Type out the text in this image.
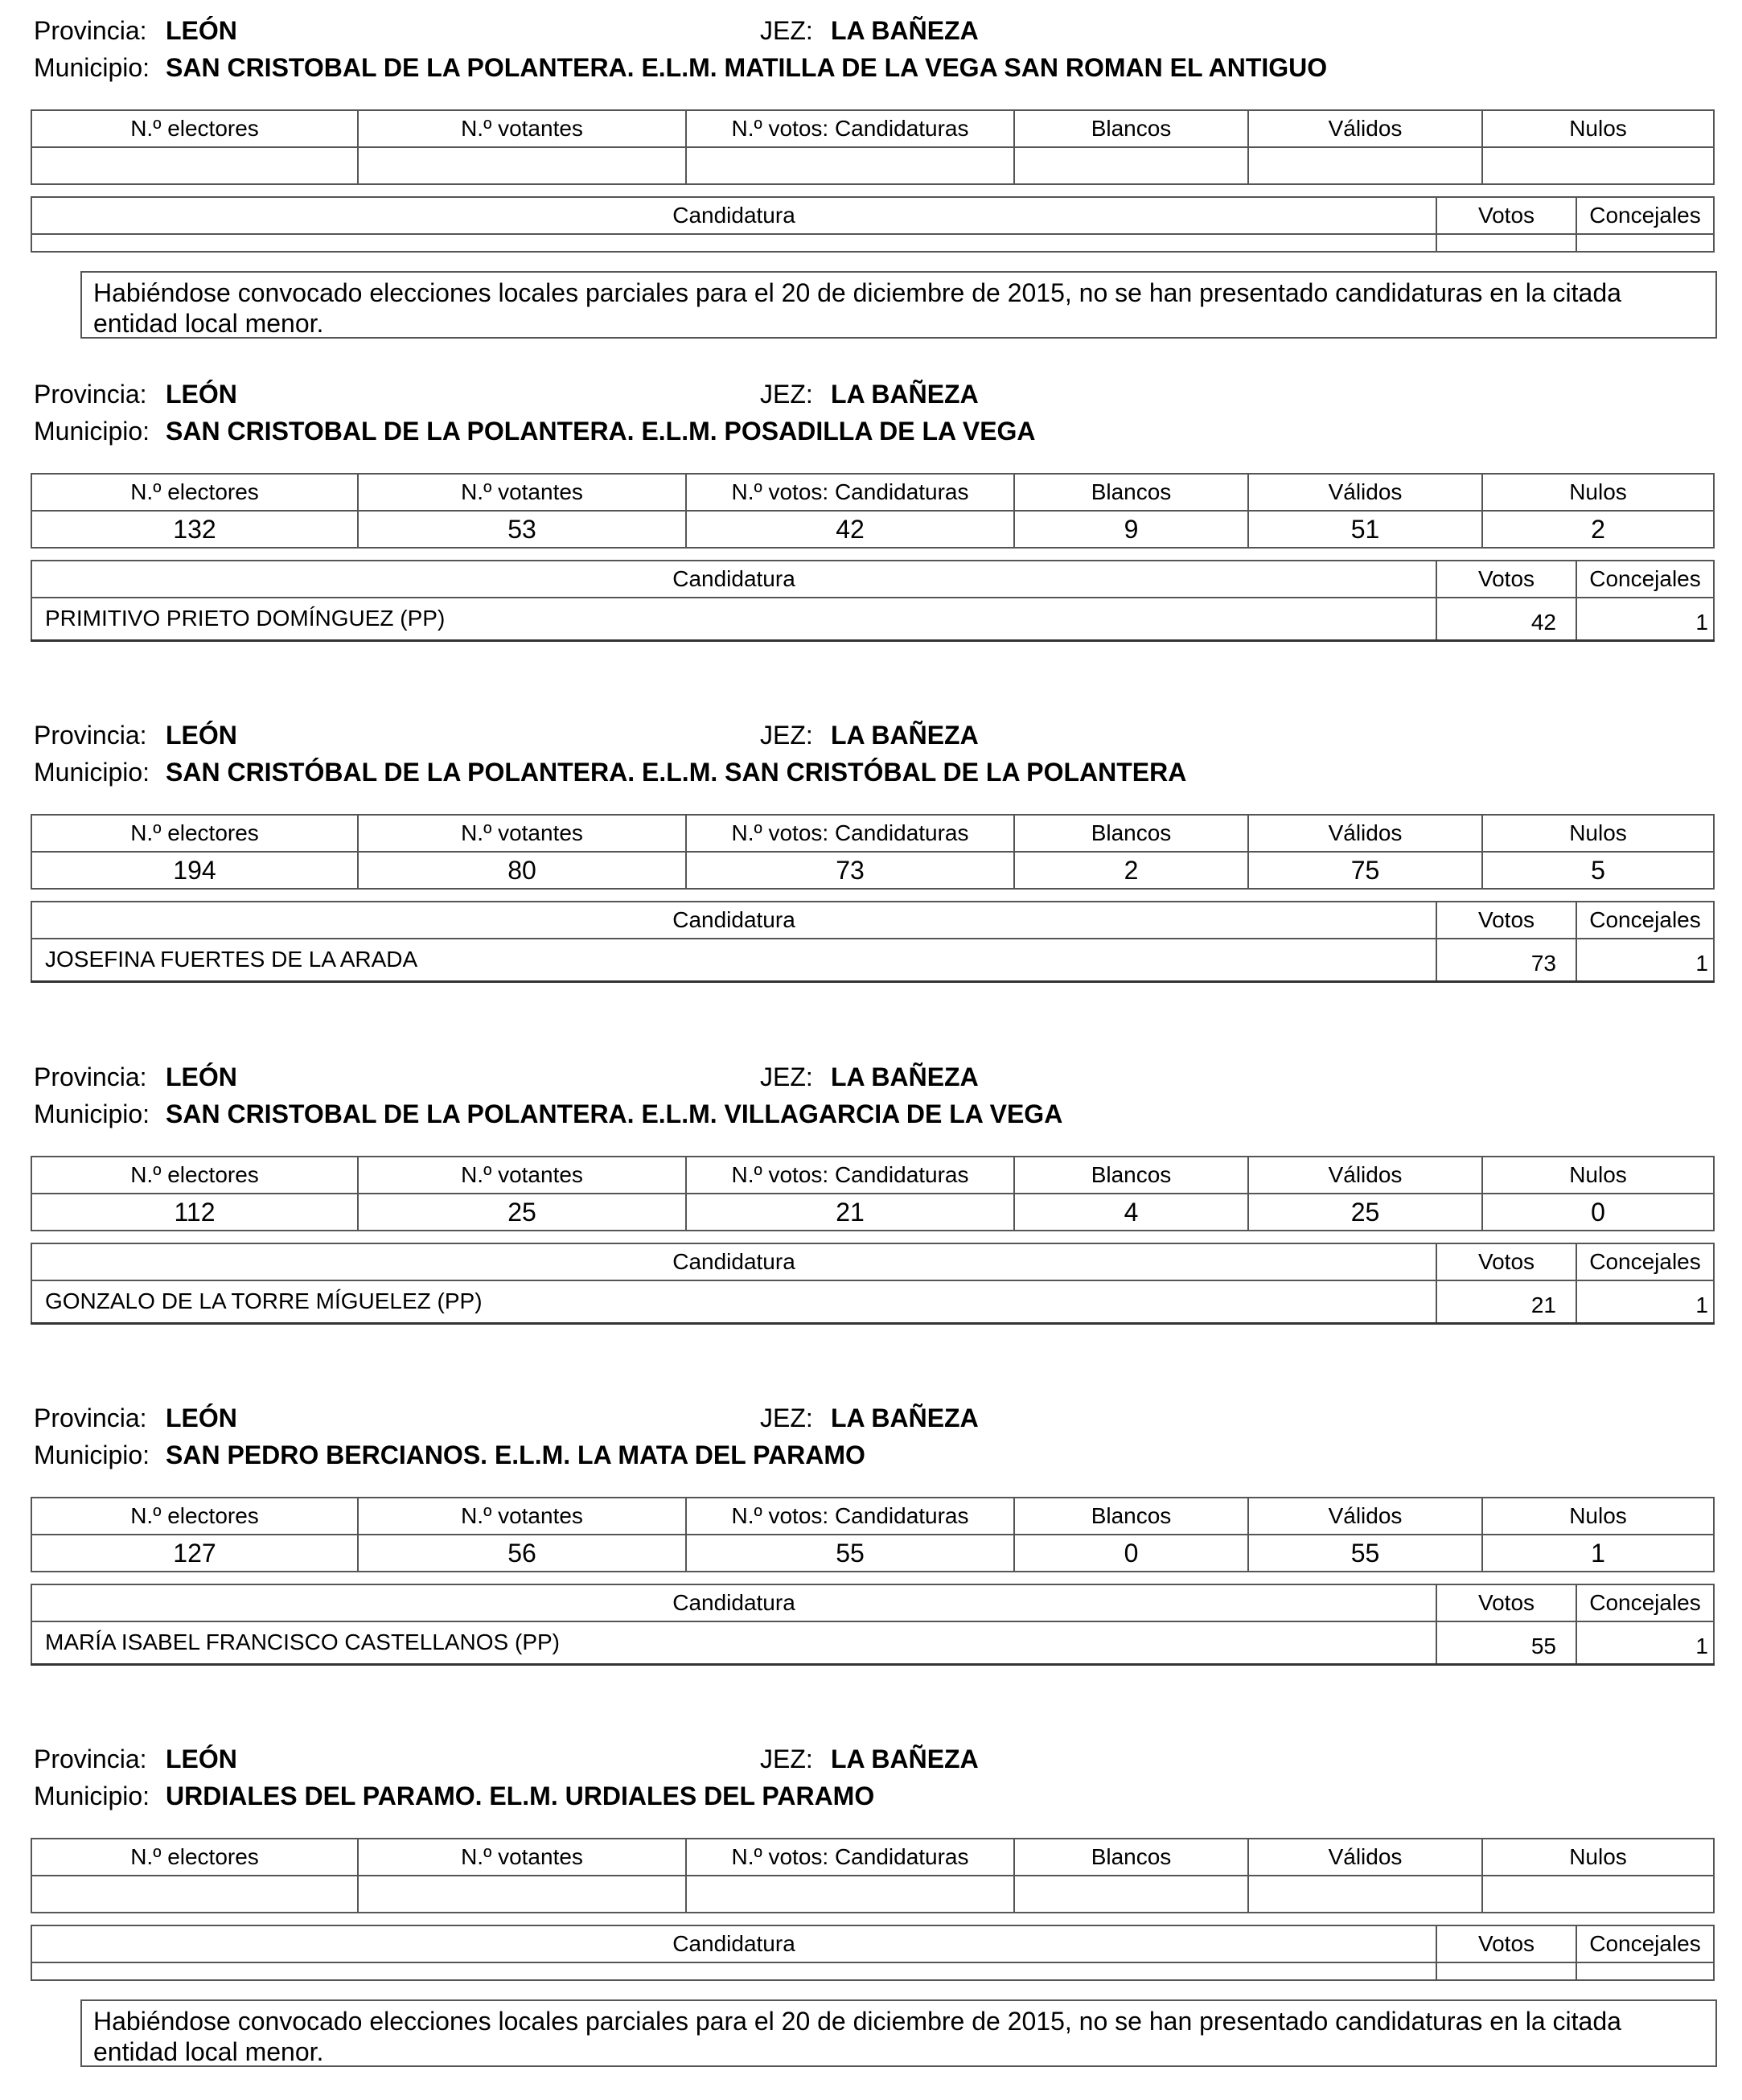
Provincia: LEÓN	JEZ: LA BAÑEZA
Municipio: SAN CRISTOBAL DE LA POLANTERA. E.L.M. MATILLA DE LA VEGA SAN ROMAN EL ANTIGUO
N.º electores	N.º votantes	N.º votos: Candidaturas	Blancos	Válidos	Nulos

Candidatura	Votos	Concejales

Habiéndose convocado elecciones locales parciales para el 20 de diciembre de 2015, no se han presentado candidaturas en la citada entidad local menor.
Provincia: LEÓN	JEZ: LA BAÑEZA
Municipio: SAN CRISTOBAL DE LA POLANTERA. E.L.M. POSADILLA DE LA VEGA
N.º electores	N.º votantes	N.º votos: Candidaturas	Blancos	Válidos	Nulos
132	53	42	9	51	2
Candidatura	Votos	Concejales
PRIMITIVO PRIETO DOMÍNGUEZ (PP)	42	1
Provincia: LEÓN	JEZ: LA BAÑEZA
Municipio: SAN CRISTÓBAL DE LA POLANTERA. E.L.M. SAN CRISTÓBAL DE LA POLANTERA
N.º electores	N.º votantes	N.º votos: Candidaturas	Blancos	Válidos	Nulos
194	80	73	2	75	5
Candidatura	Votos	Concejales
JOSEFINA FUERTES DE LA ARADA	73	1
Provincia: LEÓN	JEZ: LA BAÑEZA
Municipio: SAN CRISTOBAL DE LA POLANTERA. E.L.M. VILLAGARCIA DE LA VEGA
N.º electores	N.º votantes	N.º votos: Candidaturas	Blancos	Válidos	Nulos
112	25	21	4	25	0
Candidatura	Votos	Concejales
GONZALO DE LA TORRE MÍGUELEZ (PP)	21	1
Provincia: LEÓN	JEZ: LA BAÑEZA
Municipio: SAN PEDRO BERCIANOS. E.L.M. LA MATA DEL PARAMO
N.º electores	N.º votantes	N.º votos: Candidaturas	Blancos	Válidos	Nulos
127	56	55	0	55	1
Candidatura	Votos	Concejales
MARÍA ISABEL FRANCISCO CASTELLANOS (PP)	55	1
Provincia: LEÓN	JEZ: LA BAÑEZA
Municipio: URDIALES DEL PARAMO. EL.M. URDIALES DEL PARAMO
N.º electores	N.º votantes	N.º votos: Candidaturas	Blancos	Válidos	Nulos

Candidatura	Votos	Concejales

Habiéndose convocado elecciones locales parciales para el 20 de diciembre de 2015, no se han presentado candidaturas en la citada entidad local menor.
